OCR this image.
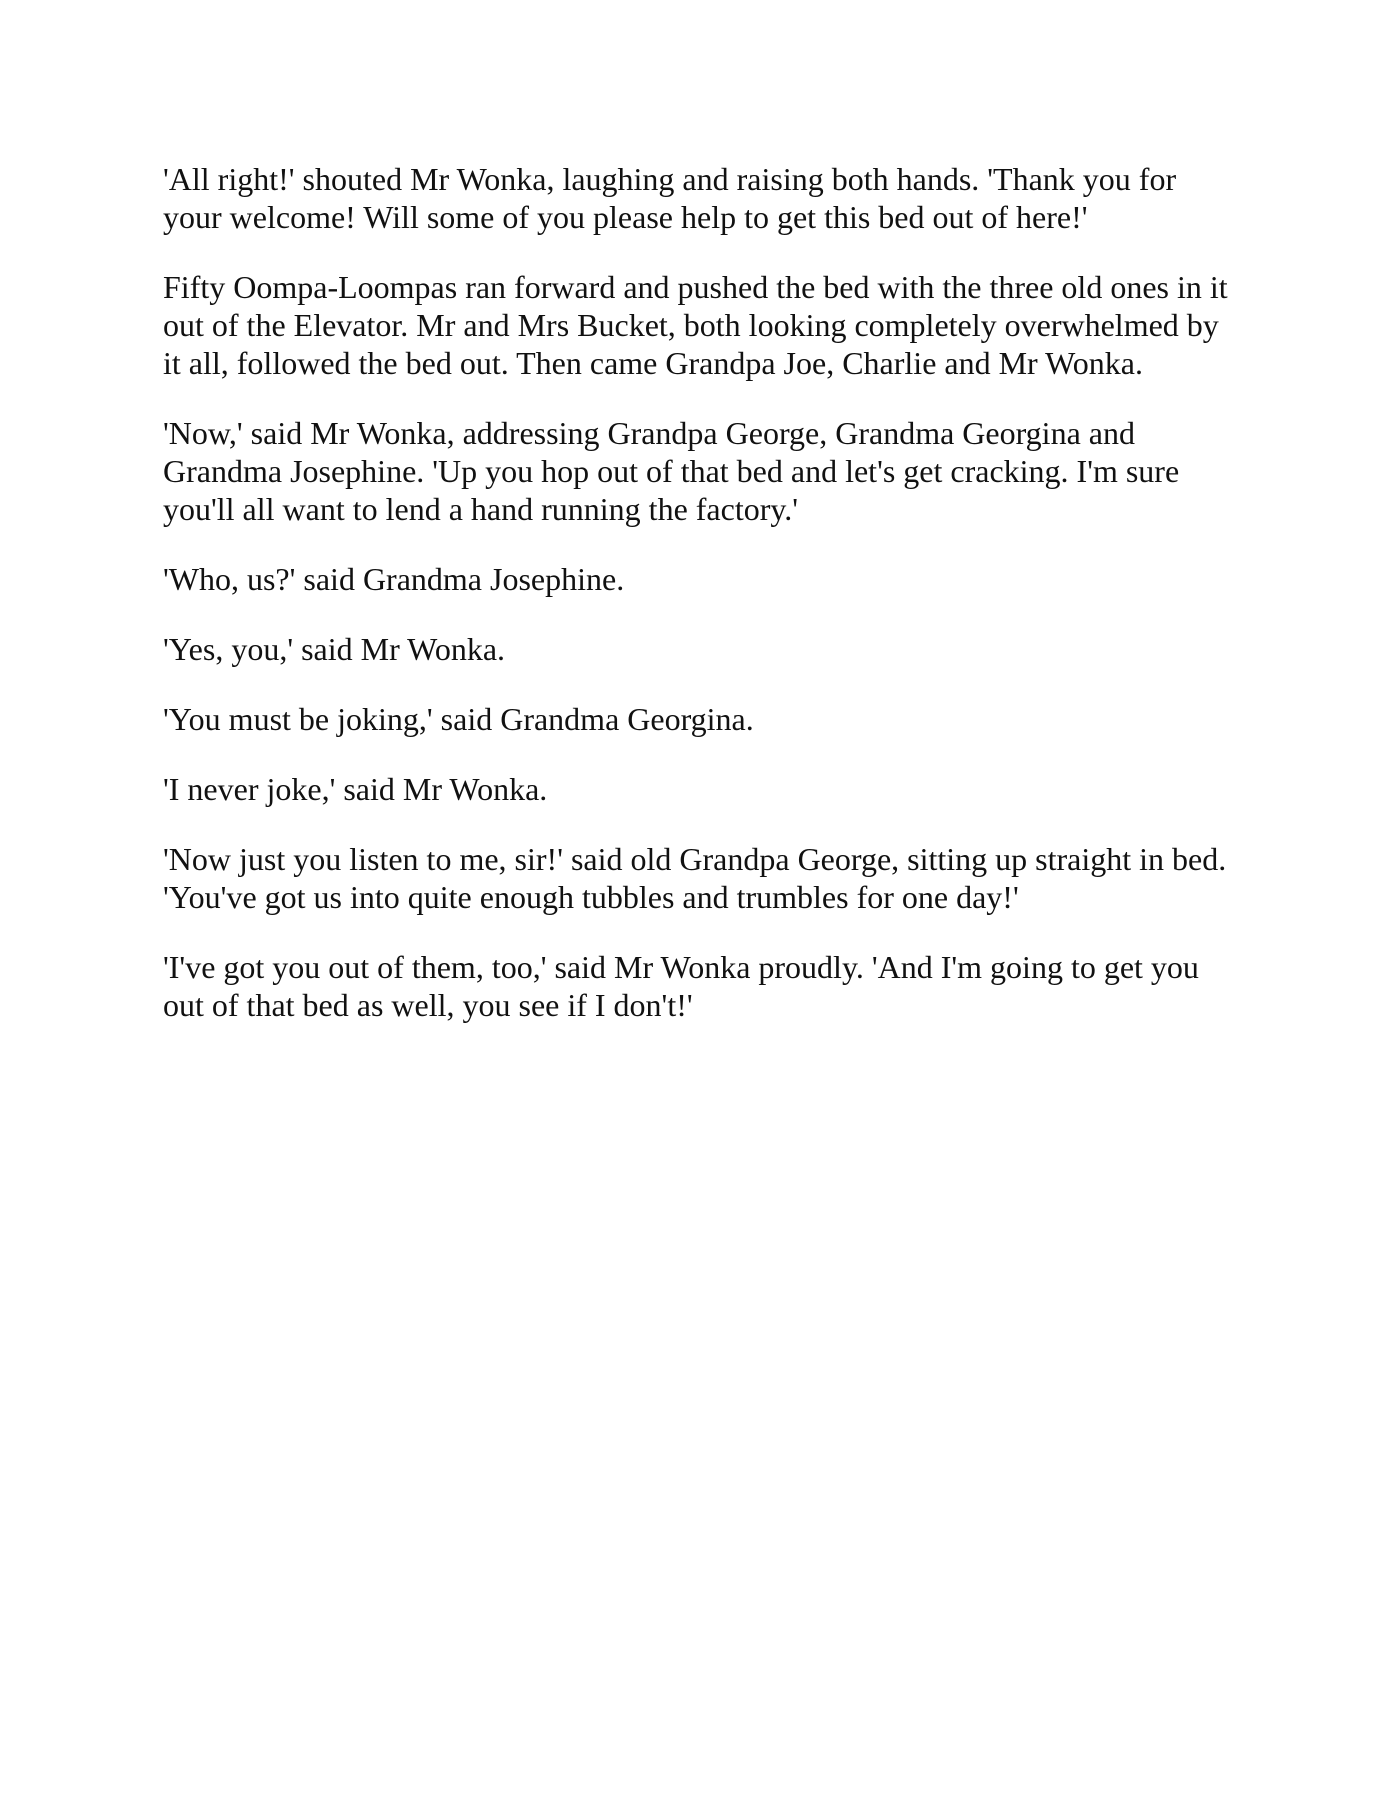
'All right!' shouted Mr Wonka, laughing and raising both hands. 'Thank you for your welcome! Will some of you please help to get this bed out of here!'

Fifty Oompa-Loompas ran forward and pushed the bed with the three old ones in it out of the Elevator. Mr and Mrs Bucket, both looking completely overwhelmed by it all, followed the bed out. Then came Grandpa Joe, Charlie and Mr Wonka.

'Now,' said Mr Wonka, addressing Grandpa George, Grandma Georgina and Grandma Josephine. 'Up you hop out of that bed and let's get cracking. I'm sure you'll all want to lend a hand running the factory.'

'Who, us?' said Grandma Josephine.

'Yes, you,' said Mr Wonka.

'You must be joking,' said Grandma Georgina.

'I never joke,' said Mr Wonka.

'Now just you listen to me, sir!' said old Grandpa George, sitting up straight in bed. 'You've got us into quite enough tubbles and trumbles for one day!'

'I've got you out of them, too,' said Mr Wonka proudly. 'And I'm going to get you out of that bed as well, you see if I don't!'
